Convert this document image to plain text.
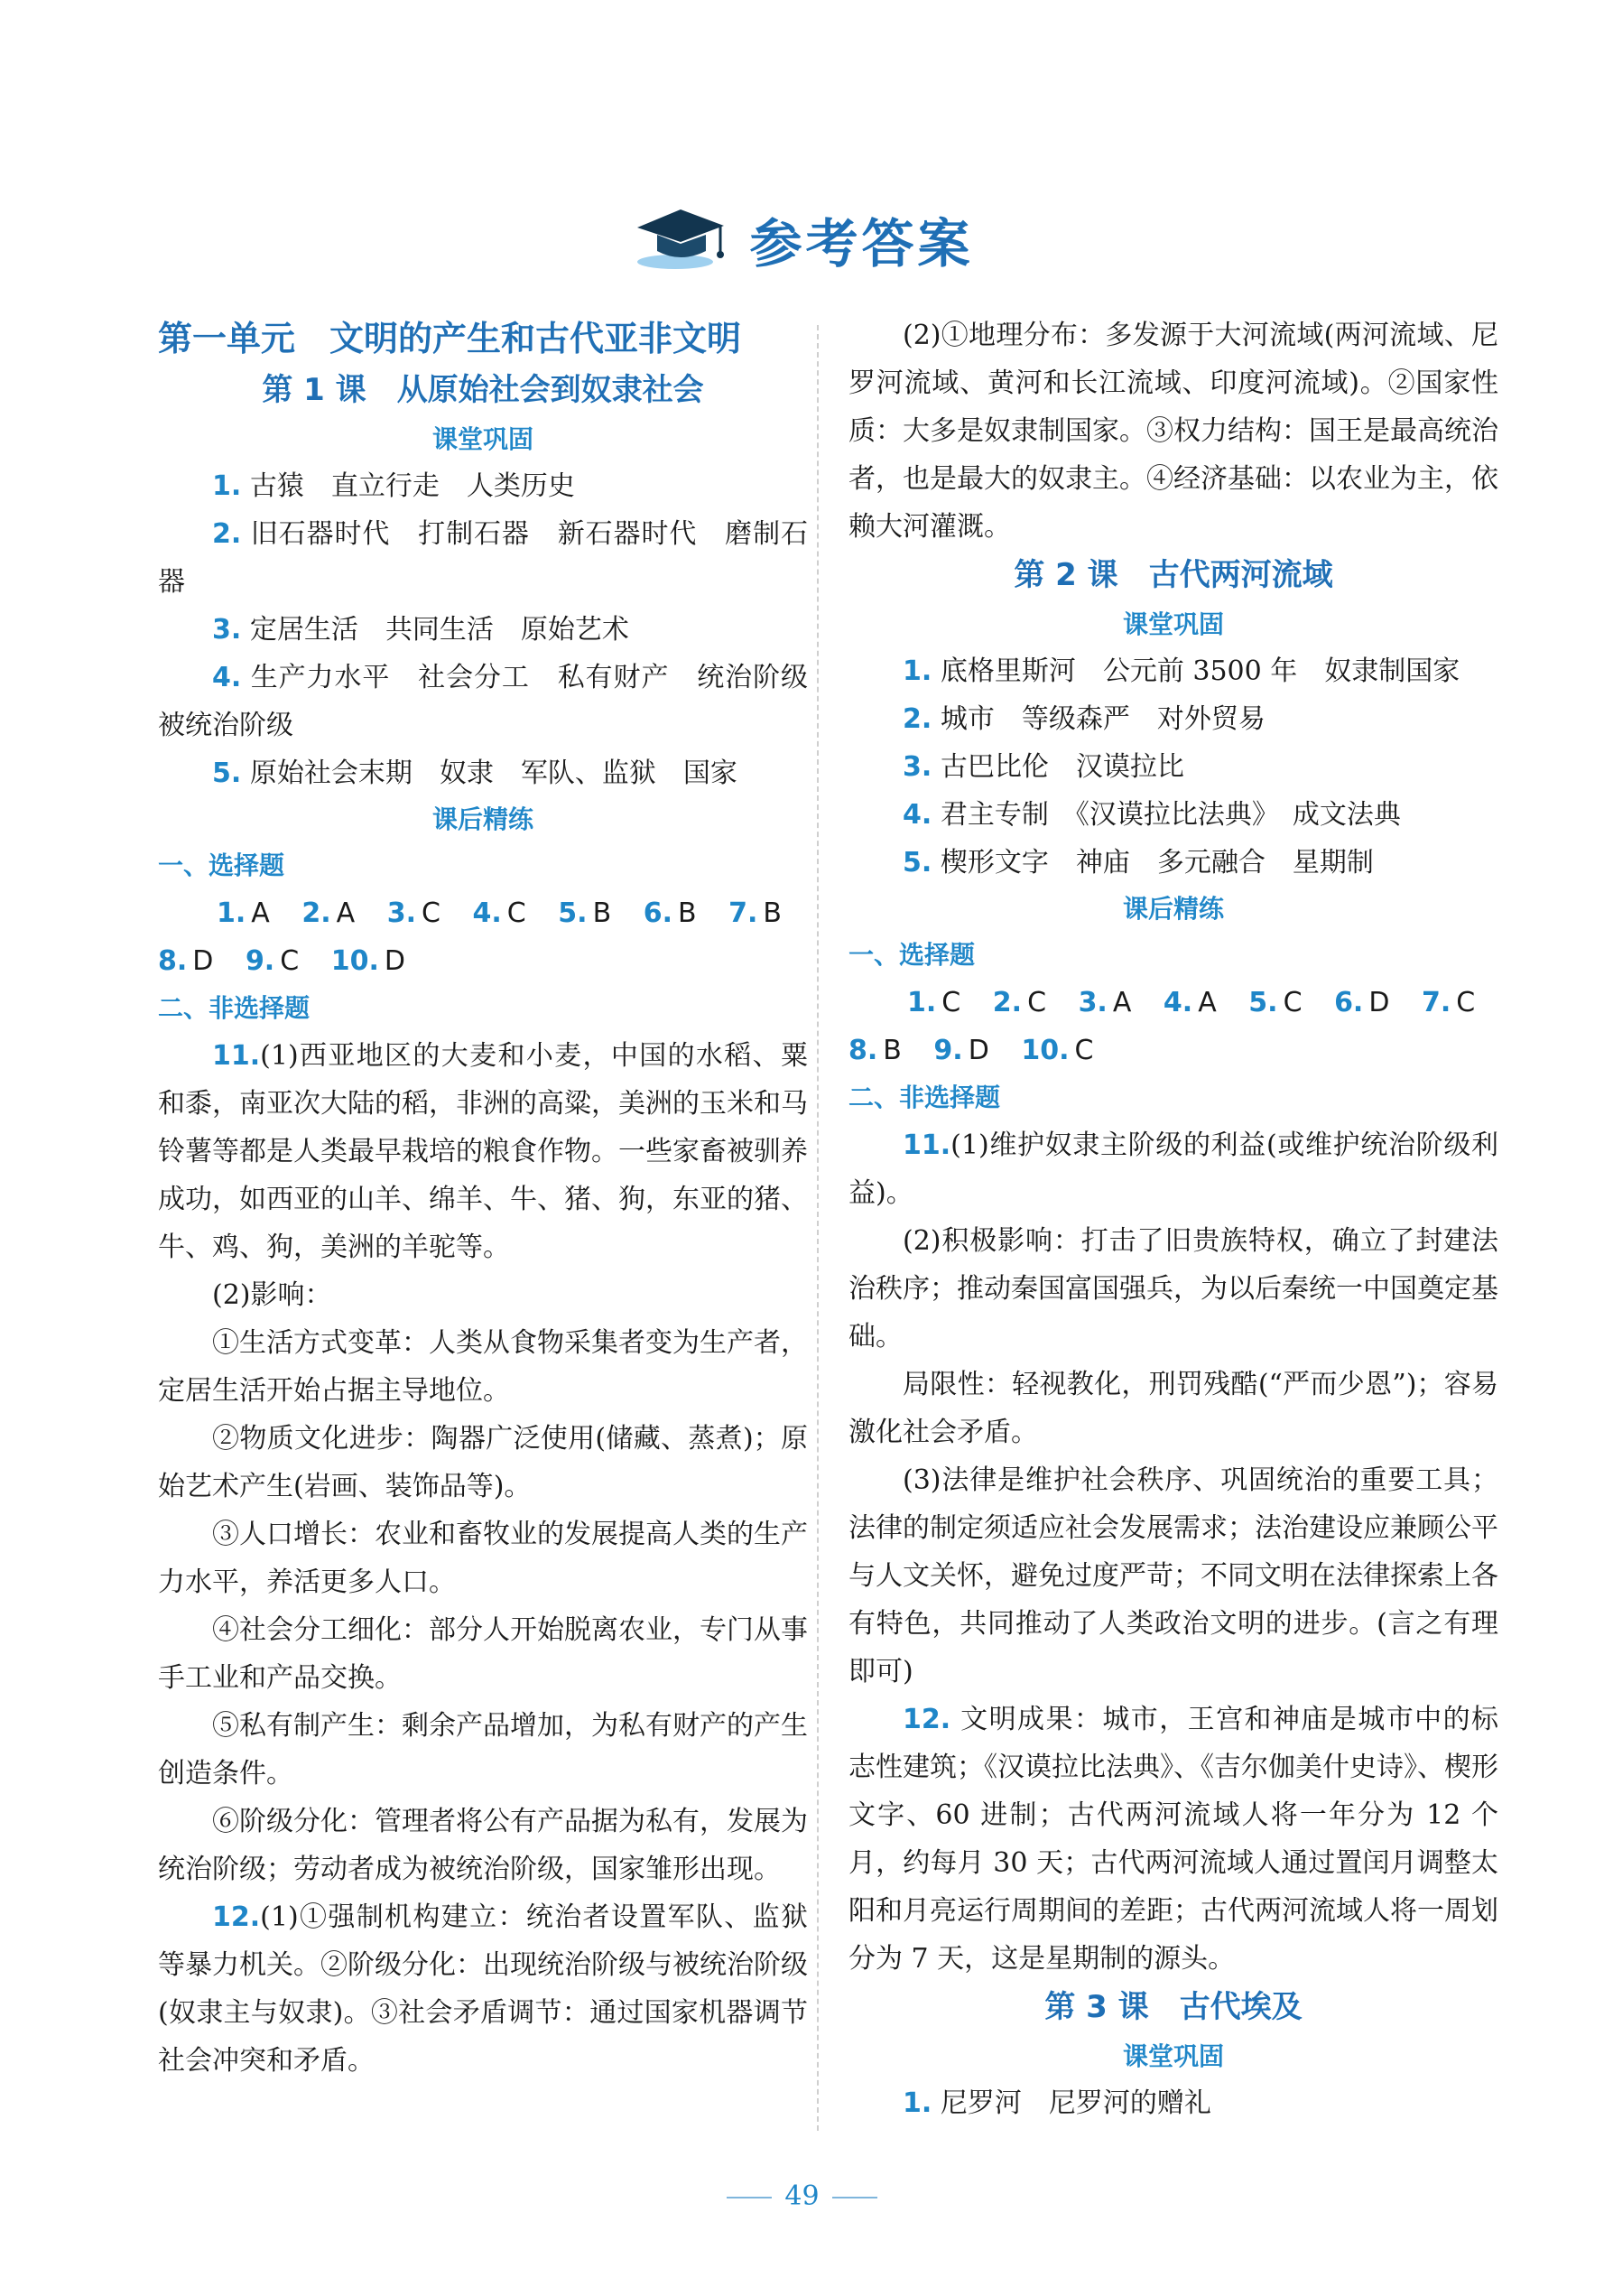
参考答案
第一单元　文明的产生和古代亚非文明
第 1 课　从原始社会到奴隶社会
课堂巩固

1. 古猿　直立行走　人类历史

2. 旧石器时代　打制石器　新石器时代　磨制石器

3. 定居生活　共同生活　原始艺术

4. 生产力水平　社会分工　私有财产　统治阶级　被统治阶级

5. 原始社会末期　奴隶　军队、监狱　国家

课后精练
一、选择题

1. A 2. A 3. C 4. C 5. B 6. B 7. B

8. D 9. C 10. D

二、非选择题

11.(1)西亚地区的大麦和小麦，中国的水稻、粟和黍，南亚次大陆的稻，非洲的高粱，美洲的玉米和马铃薯等都是人类最早栽培的粮食作物。一些家畜被驯养成功，如西亚的山羊、绵羊、牛、猪、狗，东亚的猪、牛、鸡、狗，美洲的羊驼等。

(2)影响：

①生活方式变革：人类从食物采集者变为生产者，定居生活开始占据主导地位。

②物质文化进步：陶器广泛使用(储藏、蒸煮)；原始艺术产生(岩画、装饰品等)。

③人口增长：农业和畜牧业的发展提高人类的生产力水平，养活更多人口。

④社会分工细化：部分人开始脱离农业，专门从事手工业和产品交换。

⑤私有制产生：剩余产品增加，为私有财产的产生创造条件。

⑥阶级分化：管理者将公有产品据为私有，发展为统治阶级；劳动者成为被统治阶级，国家雏形出现。

12.(1)①强制机构建立：统治者设置军队、监狱等暴力机关。②阶级分化：出现统治阶级与被统治阶级(奴隶主与奴隶)。③社会矛盾调节：通过国家机器调节社会冲突和矛盾。

(2)①地理分布：多发源于大河流域(两河流域、尼罗河流域、黄河和长江流域、印度河流域)。②国家性质：大多是奴隶制国家。③权力结构：国王是最高统治者，也是最大的奴隶主。④经济基础：以农业为主，依赖大河灌溉。

第 2 课　古代两河流域
课堂巩固

1. 底格里斯河　公元前 3500 年　奴隶制国家

2. 城市　等级森严　对外贸易

3. 古巴比伦　汉谟拉比

4. 君主专制　《汉谟拉比法典》　成文法典

5. 楔形文字　神庙　多元融合　星期制

课后精练
一、选择题

1. C 2. C 3. A 4. A 5. C 6. D 7. C

8. B 9. D 10. C

二、非选择题

11.(1)维护奴隶主阶级的利益(或维护统治阶级利益)。

(2)积极影响：打击了旧贵族特权，确立了封建法治秩序；推动秦国富国强兵，为以后秦统一中国奠定基础。

局限性：轻视教化，刑罚残酷(“严而少恩”)；容易激化社会矛盾。

(3)法律是维护社会秩序、巩固统治的重要工具；法律的制定须适应社会发展需求；法治建设应兼顾公平与人文关怀，避免过度严苛；不同文明在法律探索上各有特色，共同推动了人类政治文明的进步。(言之有理即可)

12. 文明成果：城市，王宫和神庙是城市中的标志性建筑；《汉谟拉比法典》、《吉尔伽美什史诗》、楔形文字、60 进制；古代两河流域人将一年分为 12 个月，约每月 30 天；古代两河流域人通过置闰月调整太阳和月亮运行周期间的差距；古代两河流域人将一周划分为 7 天，这是星期制的源头。

第 3 课　古代埃及
课堂巩固

1. 尼罗河　尼罗河的赠礼

49
